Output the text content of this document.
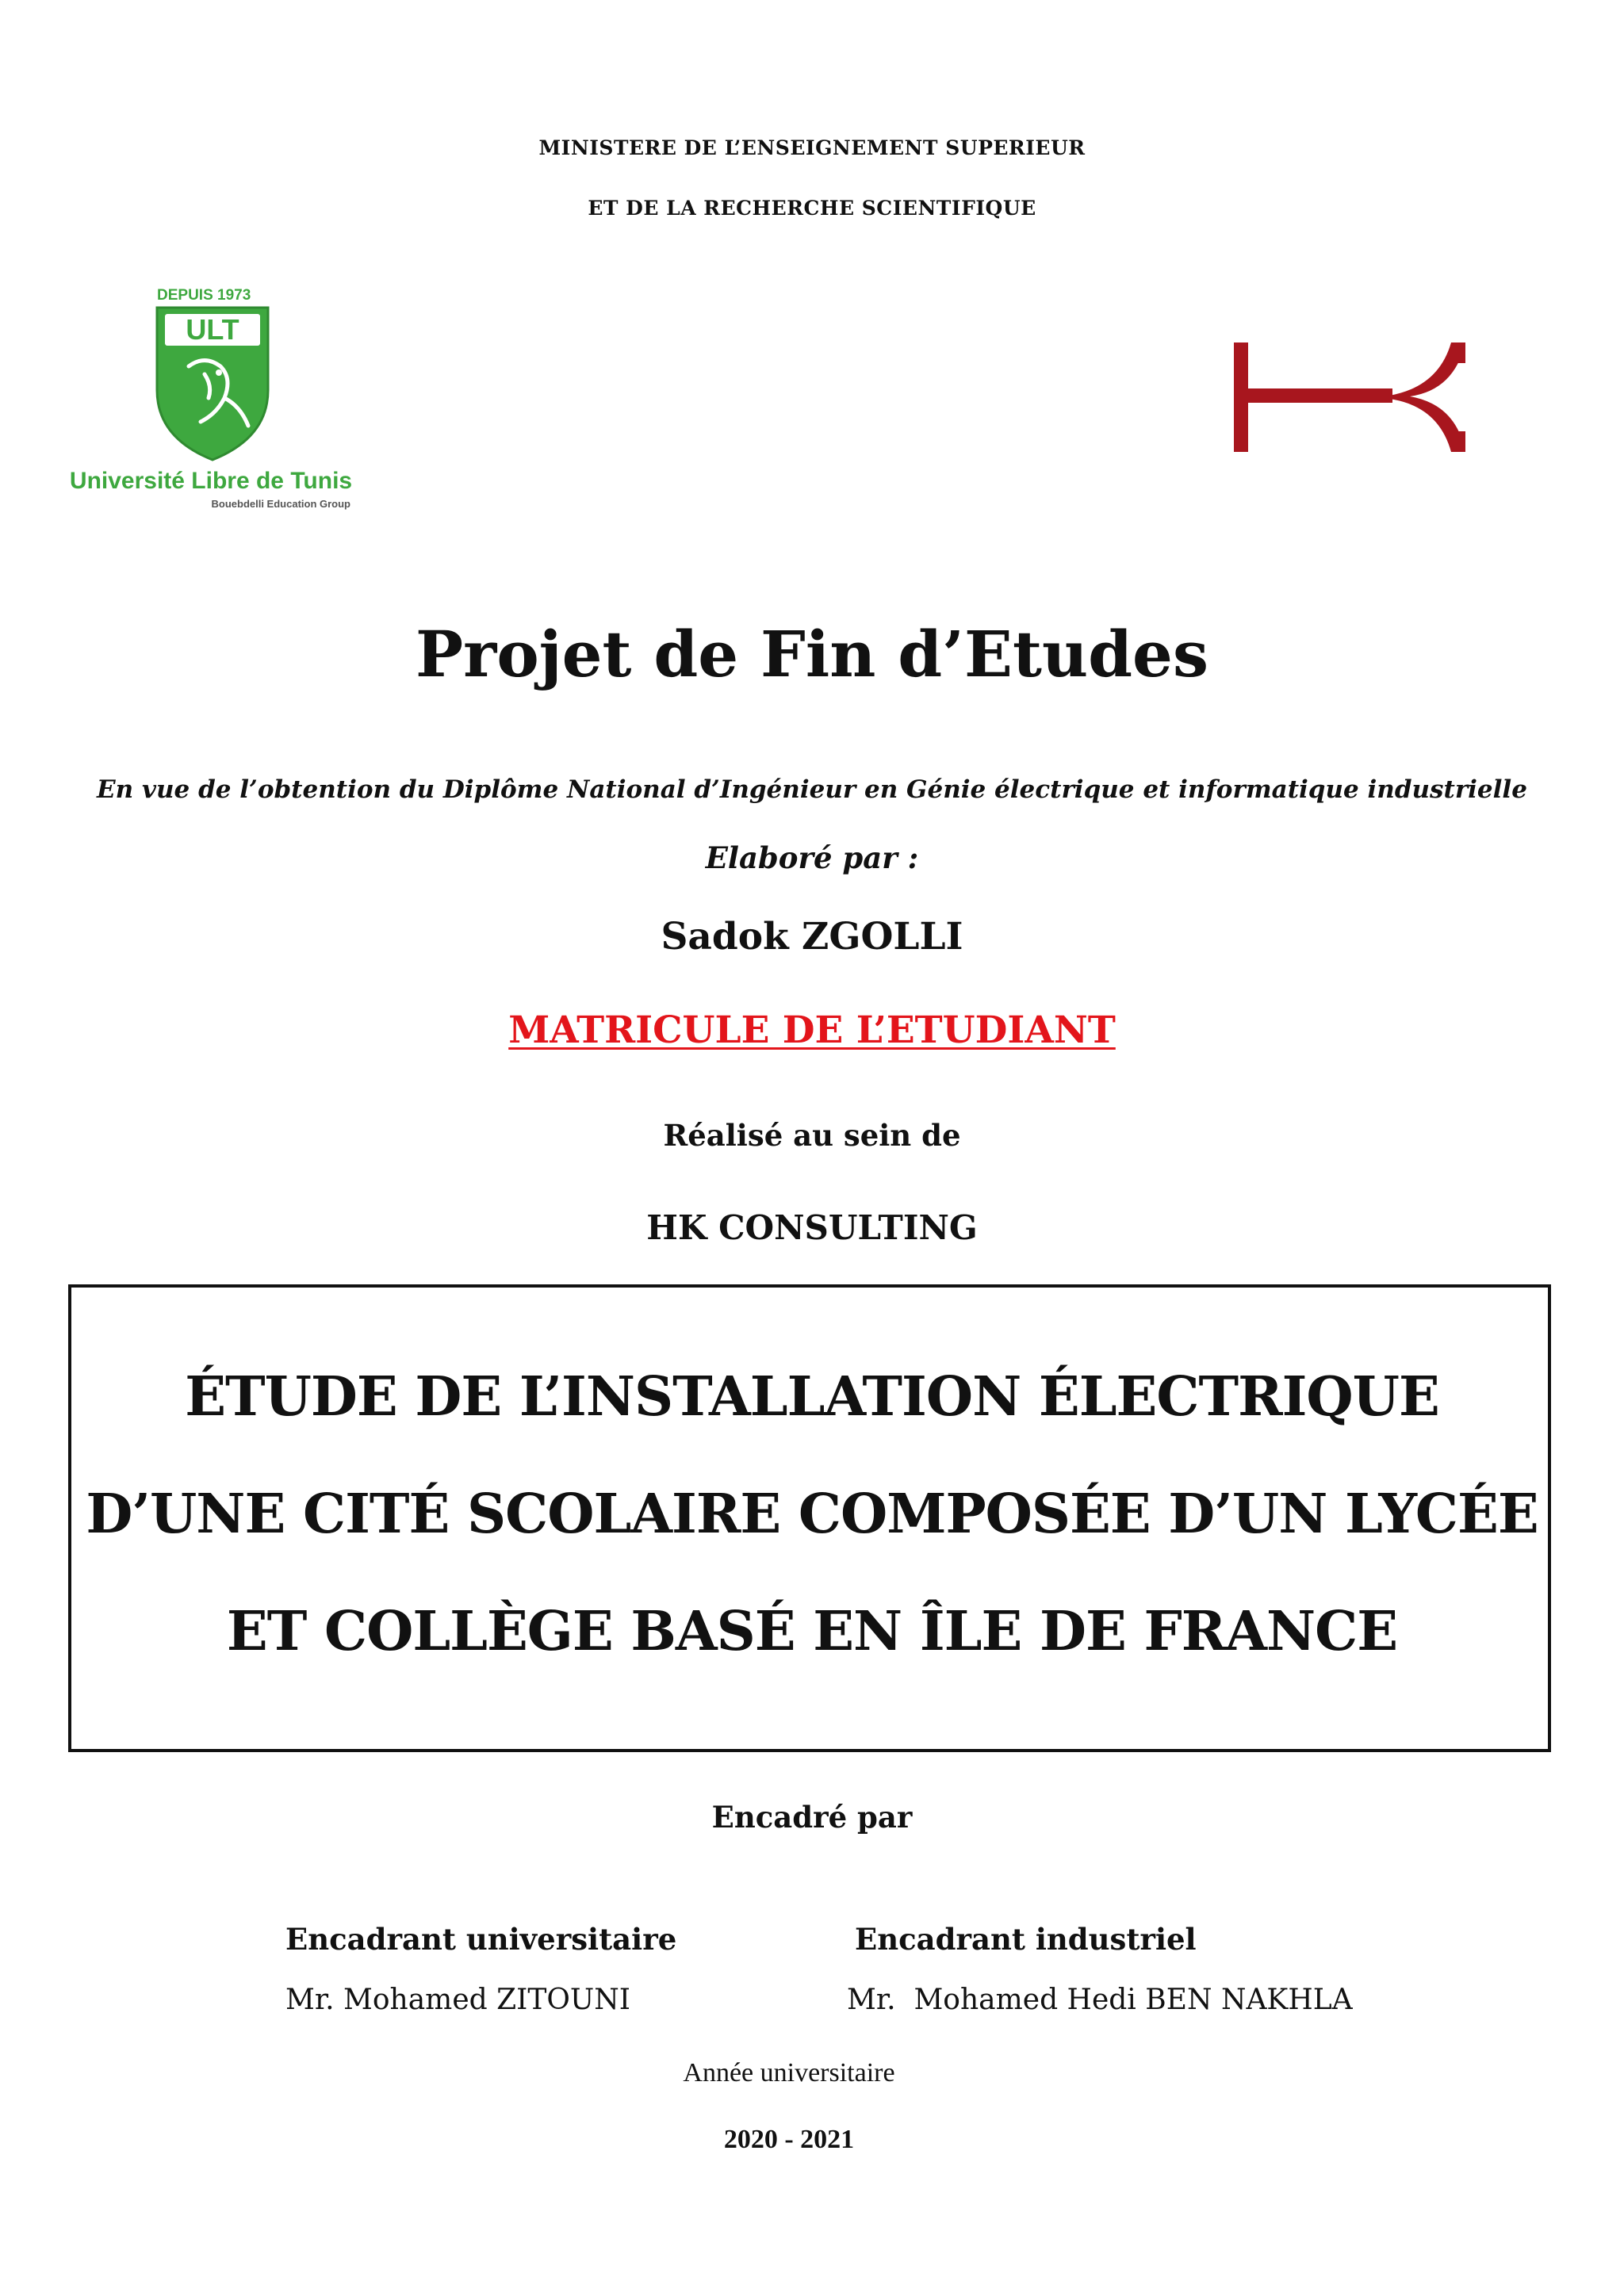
MINISTERE DE L’ENSEIGNEMENT SUPERIEUR
ET DE LA RECHERCHE SCIENTIFIQUE
DEPUIS 1973
ULT
Université Libre de Tunis
Bouebdelli Education Group
Projet de Fin d’Etudes
En vue de l’obtention du Diplôme National d’Ingénieur en Génie électrique et informatique industrielle
Elaboré par :
Sadok ZGOLLI
MATRICULE DE L’ETUDIANT
Réalisé au sein de
HK CONSULTING
ÉTUDE DE L’INSTALLATION ÉLECTRIQUE
D’UNE CITÉ SCOLAIRE COMPOSÉE D’UN LYCÉE
ET COLLÈGE BASÉ EN ÎLE DE FRANCE
Encadré par
Encadrant universitaire
Mr. Mohamed ZITOUNI
Encadrant industriel
Mr.  Mohamed Hedi BEN NAKHLA
Année universitaire
2020 - 2021
